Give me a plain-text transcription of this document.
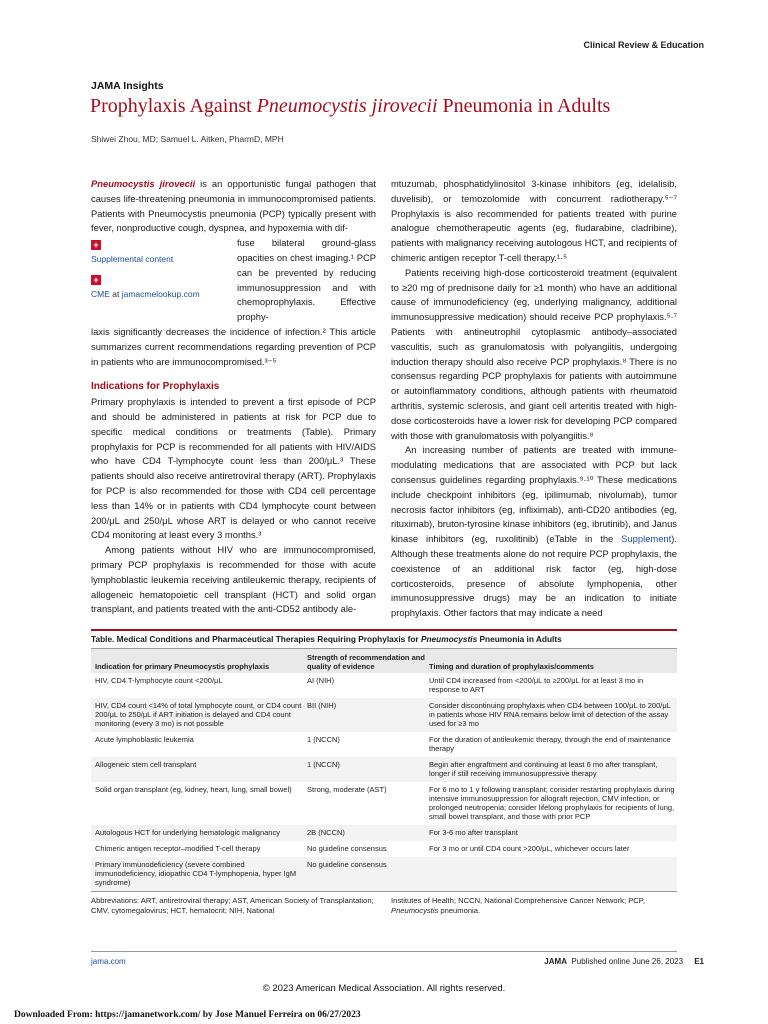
Clinical Review & Education
JAMA Insights
Prophylaxis Against Pneumocystis jirovecii Pneumonia in Adults
Shiwei Zhou, MD; Samuel L. Aitken, PharmD, MPH

Pneumocystis jirovecii is an opportunistic fungal pathogen that causes life-threatening pneumonia in immunocompromised patients. Patients with Pneumocystis pneumonia (PCP) typically present with fever, nonproductive cough, dyspnea, and hypoxemia with dif-

+
Supplemental content
+
CME at jamacmelookup.com

fuse bilateral ground-glass opacities on chest imaging.¹ PCP can be prevented by reducing immunosuppression and with chemoprophylaxis. Effective prophy-

laxis significantly decreases the incidence of infection.² This article summarizes current recommendations regarding prevention of PCP in patients who are immunocompromised.³⁻⁵

Indications for Prophylaxis

Primary prophylaxis is intended to prevent a first episode of PCP and should be administered in patients at risk for PCP due to specific medical conditions or treatments (Table). Primary prophylaxis for PCP is recommended for all patients with HIV/AIDS who have CD4 T-lymphocyte count less than 200/μL.³ These patients should also receive antiretroviral therapy (ART). Prophylaxis for PCP is also recommended for those with CD4 cell percentage less than 14% or in patients with CD4 lymphocyte count between 200/μL and 250/μL whose ART is delayed or who cannot receive CD4 monitoring at least every 3 months.³

Among patients without HIV who are immunocompromised, primary PCP prophylaxis is recommended for those with acute lymphoblastic leukemia receiving antileukemic therapy, recipients of allogeneic hematopoietic cell transplant (HCT) and solid organ transplant, and patients treated with the anti-CD52 antibody ale-

mtuzumab, phosphatidylinositol 3-kinase inhibitors (eg, idelalisib, duvelisib), or temozolomide with concurrent radiotherapy.⁵⁻⁷ Prophylaxis is also recommended for patients treated with purine analogue chemotherapeutic agents (eg, fludarabine, cladribine), patients with malignancy receiving autologous HCT, and recipients of chimeric antigen receptor T-cell therapy.¹·⁵

Patients receiving high-dose corticosteroid treatment (equivalent to ≥20 mg of prednisone daily for ≥1 month) who have an additional cause of immunodeficiency (eg, underlying malignancy, additional immunosuppressive medication) should receive PCP prophylaxis.⁵·⁷ Patients with antineutrophil cytoplasmic antibody–associated vasculitis, such as granulomatosis with polyangiitis, undergoing induction therapy should also receive PCP prophylaxis.⁸ There is no consensus regarding PCP prophylaxis for patients with autoimmune or autoinflammatory conditions, although patients with rheumatoid arthritis, systemic sclerosis, and giant cell arteritis treated with high-dose corticosteroids have a lower risk for developing PCP compared with those with granulomatosis with polyangiitis.⁸

An increasing number of patients are treated with immune-modulating medications that are associated with PCP but lack consensus guidelines regarding prophylaxis.⁹·¹⁰ These medications include checkpoint inhibitors (eg, ipilimumab, nivolumab), tumor necrosis factor inhibitors (eg, infliximab), anti-CD20 antibodies (eg, rituximab), bruton-tyrosine kinase inhibitors (eg, ibrutinib), and Janus kinase inhibitors (eg, ruxolitinib) (eTable in the Supplement). Although these treatments alone do not require PCP prophylaxis, the coexistence of an additional risk factor (eg, high-dose corticosteroids, presence of absolute lymphopenia, other immunosuppressive drugs) may be an indication to initiate prophylaxis. Other factors that may indicate a need

Table. Medical Conditions and Pharmaceutical Therapies Requiring Prophylaxis for Pneumocystis Pneumonia in Adults
Indication for primary Pneumocystis prophylaxis	Strength of recommendation and quality of evidence	Timing and duration of prophylaxis/comments
HIV, CD4 T-lymphocyte count <200/μL	AI (NIH)	Until CD4 increased from <200/μL to ≥200/μL for at least 3 mo in response to ART
HIV, CD4 count <14% of total lymphocyte count, or CD4 count 200/μL to 250/μL if ART initiation is delayed and CD4 count monitoring (every 3 mo) is not possible	BII (NIH)	Consider discontinuing prophylaxis when CD4 between 100/μL to 200/μL in patients whose HIV RNA remains below limit of detection of the assay used for ≥3 mo
Acute lymphoblastic leukemia	1 (NCCN)	For the duration of antileukemic therapy, through the end of maintenance therapy
Allogeneic stem cell transplant	1 (NCCN)	Begin after engraftment and continuing at least 6 mo after transplant, longer if still receiving immunosuppressive therapy
Solid organ transplant (eg, kidney, heart, lung, small bowel)	Strong, moderate (AST)	For 6 mo to 1 y following transplant; consider restarting prophylaxis during intensive immunosuppression for allograft rejection, CMV infection, or prolonged neutropenia; consider lifelong prophylaxis for recipients of lung, small bowel transplant, and those with prior PCP
Autologous HCT for underlying hematologic malignancy	2B (NCCN)	For 3-6 mo after transplant
Chimeric antigen receptor–modified T-cell therapy	No guideline consensus	For 3 mo or until CD4 count >200/μL, whichever occurs later
Primary immunodeficiency (severe combined immunodeficiency, idiopathic CD4 T-lymphopenia, hyper IgM syndrome)	No guideline consensus	
Abbreviations: ART, antiretroviral therapy; AST, American Society of Transplantation; CMV, cytomegalovirus; HCT, hematocrit; NIH, National
Institutes of Health; NCCN, National Comprehensive Cancer Network; PCP, Pneumocystis pneumonia.
jama.com	JAMA Published online June 26, 2023 E1
© 2023 American Medical Association. All rights reserved.
Downloaded From: https://jamanetwork.com/ by Jose Manuel Ferreira on 06/27/2023
